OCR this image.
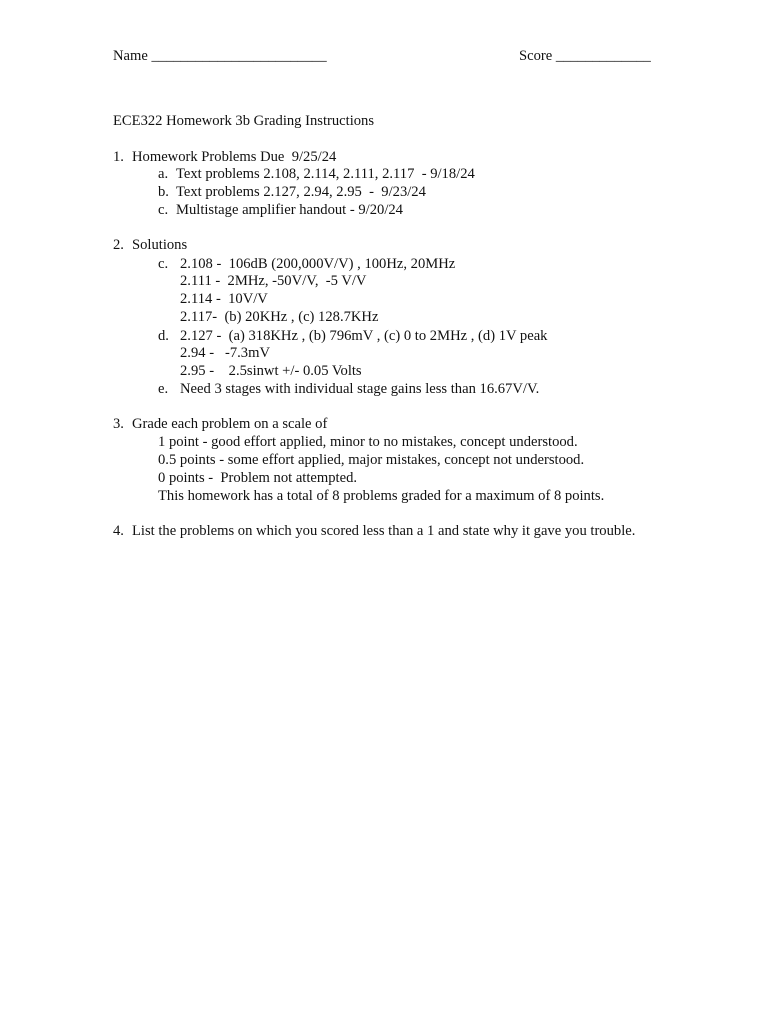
Name ________________________	Score _____________
ECE322 Homework 3b Grading Instructions
1. Homework Problems Due  9/25/24
a. Text problems 2.108, 2.114, 2.111, 2.117  - 9/18/24
b. Text problems 2.127, 2.94, 2.95  -  9/23/24
c. Multistage amplifier handout - 9/20/24
2. Solutions
c. 2.108 -  106dB (200,000V/V) , 100Hz, 20MHz
2.111 -  2MHz, -50V/V,  -5 V/V
2.114 -  10V/V
2.117-  (b) 20KHz , (c) 128.7KHz
d. 2.127 -  (a) 318KHz , (b) 796mV , (c) 0 to 2MHz , (d) 1V peak
2.94 -   -7.3mV
2.95 -    2.5sinwt +/- 0.05 Volts
e. Need 3 stages with individual stage gains less than 16.67V/V.
3. Grade each problem on a scale of
1 point - good effort applied, minor to no mistakes, concept understood.
0.5 points - some effort applied, major mistakes, concept not understood.
0 points -  Problem not attempted.
This homework has a total of 8 problems graded for a maximum of 8 points.
4. List the problems on which you scored less than a 1 and state why it gave you trouble.
